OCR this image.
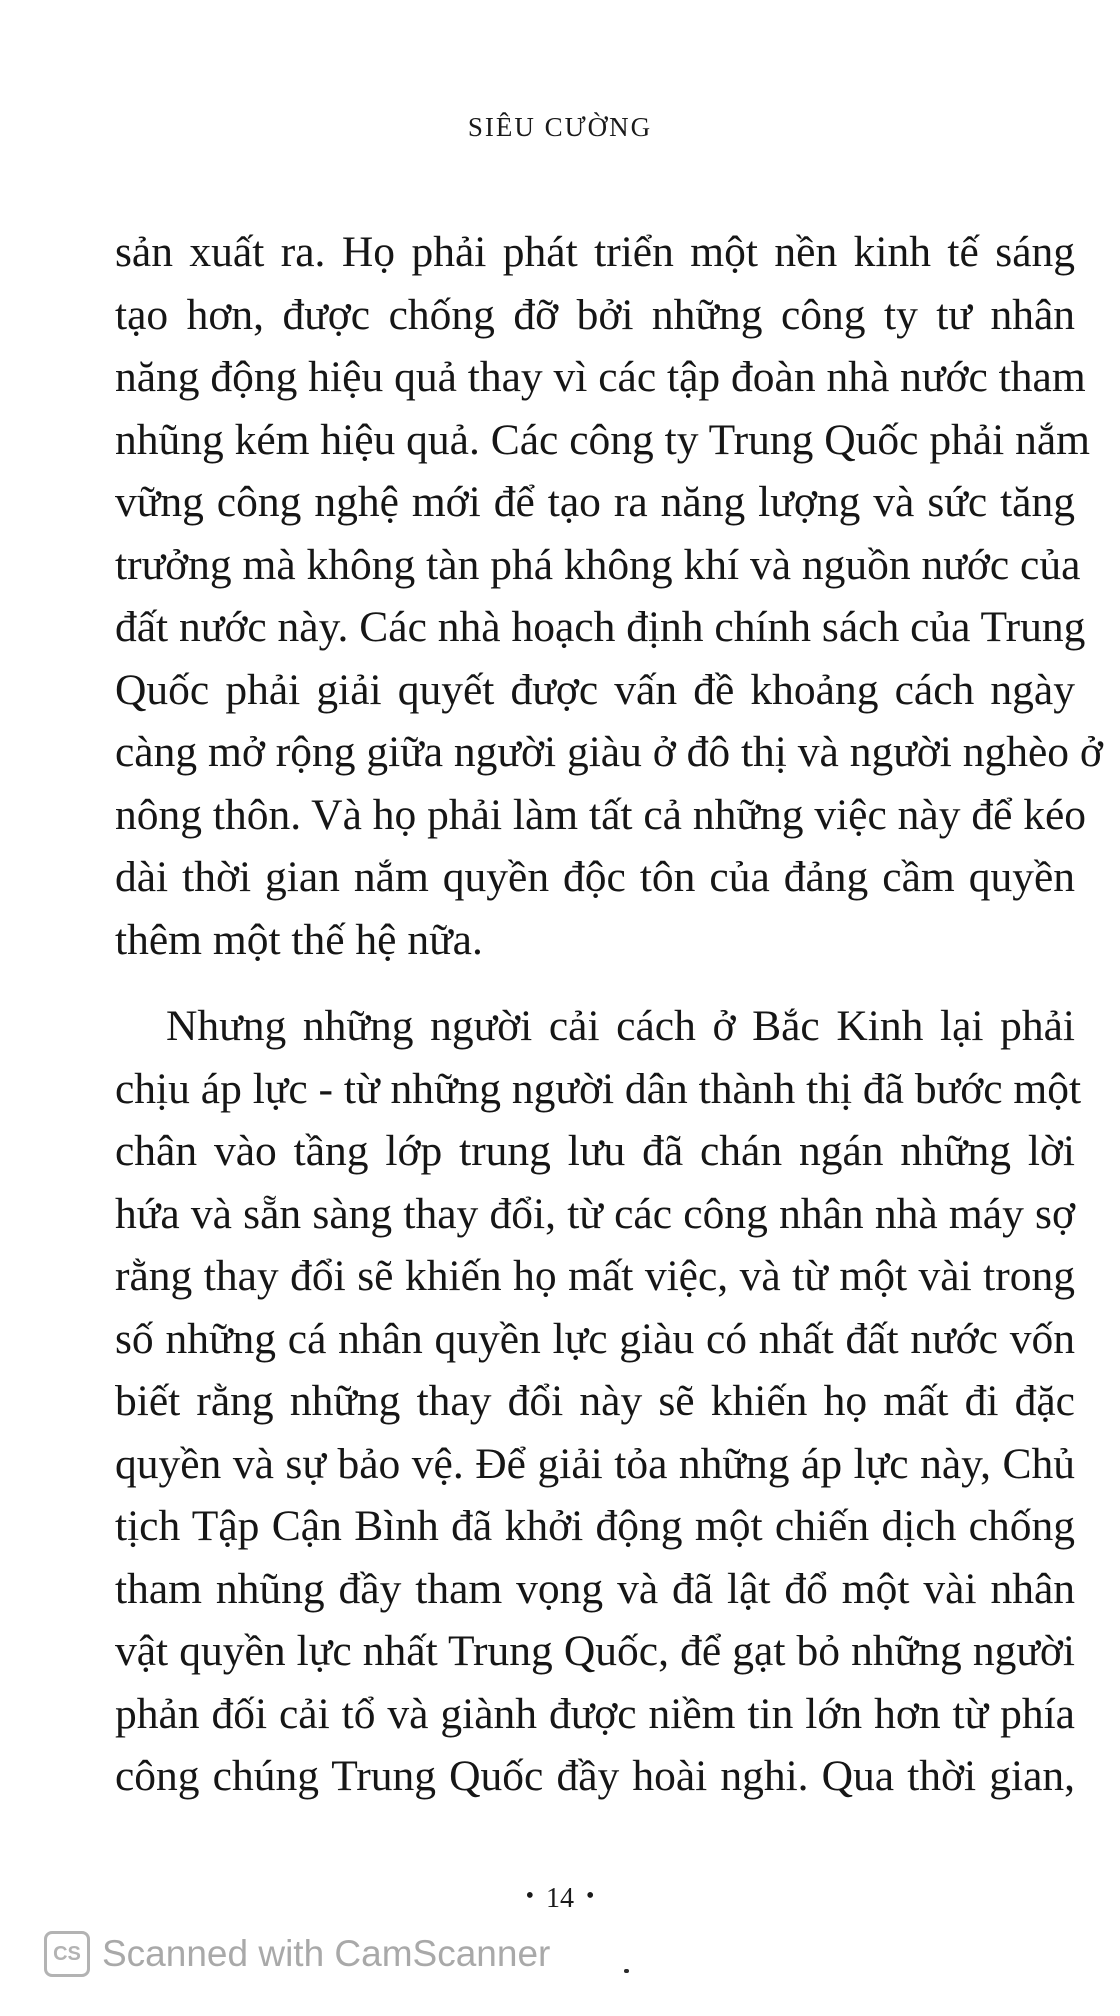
SIÊU CƯỜNG
sản xuất ra. Họ phải phát triển một nền kinh tế sáng
tạo hơn, được chống đỡ bởi những công ty tư nhân
năng động hiệu quả thay vì các tập đoàn nhà nước tham
nhũng kém hiệu quả. Các công ty Trung Quốc phải nắm
vững công nghệ mới để tạo ra năng lượng và sức tăng
trưởng mà không tàn phá không khí và nguồn nước của
đất nước này. Các nhà hoạch định chính sách của Trung
Quốc phải giải quyết được vấn đề khoảng cách ngày
càng mở rộng giữa người giàu ở đô thị và người nghèo ở
nông thôn. Và họ phải làm tất cả những việc này để kéo
dài thời gian nắm quyền độc tôn của đảng cầm quyền
thêm một thế hệ nữa.
Nhưng những người cải cách ở Bắc Kinh lại phải
chịu áp lực - từ những người dân thành thị đã bước một
chân vào tầng lớp trung lưu đã chán ngán những lời
hứa và sẵn sàng thay đổi, từ các công nhân nhà máy sợ
rằng thay đổi sẽ khiến họ mất việc, và từ một vài trong
số những cá nhân quyền lực giàu có nhất đất nước vốn
biết rằng những thay đổi này sẽ khiến họ mất đi đặc
quyền và sự bảo vệ. Để giải tỏa những áp lực này, Chủ
tịch Tập Cận Bình đã khởi động một chiến dịch chống
tham nhũng đầy tham vọng và đã lật đổ một vài nhân
vật quyền lực nhất Trung Quốc, để gạt bỏ những người
phản đối cải tổ và giành được niềm tin lớn hơn từ phía
công chúng Trung Quốc đầy hoài nghi. Qua thời gian,
• 14 •
CS Scanned with CamScanner
